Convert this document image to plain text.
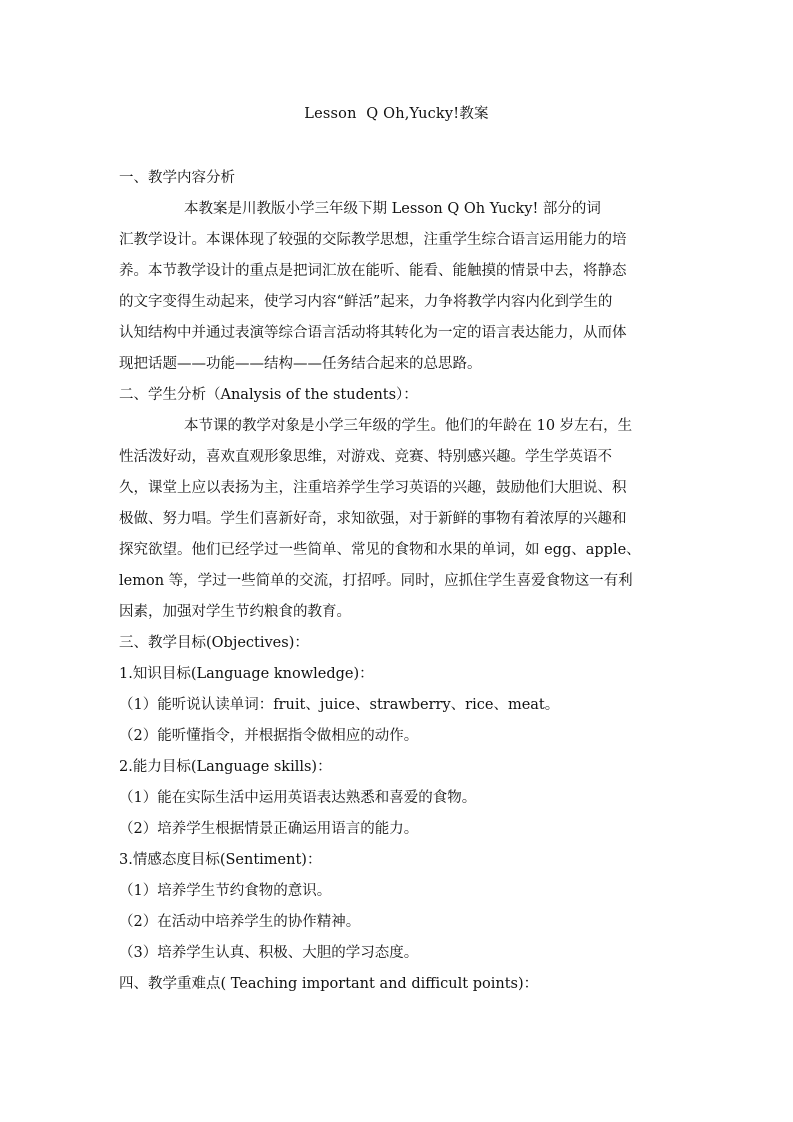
Lesson  Q Oh,Yucky!教案
一、教学内容分析
本教案是川教版小学三年级下期 Lesson Q Oh Yucky! 部分的词
汇教学设计。本课体现了较强的交际教学思想，注重学生综合语言运用能力的培
养。本节教学设计的重点是把词汇放在能听、能看、能触摸的情景中去，将静态
的文字变得生动起来，使学习内容“鲜活”起来，力争将教学内容内化到学生的
认知结构中并通过表演等综合语言活动将其转化为一定的语言表达能力，从而体
现把话题——功能——结构——任务结合起来的总思路。
二、学生分析（Analysis of the students）：
本节课的教学对象是小学三年级的学生。他们的年龄在 10 岁左右，生
性活泼好动，喜欢直观形象思维，对游戏、竞赛、特别感兴趣。学生学英语不
久，课堂上应以表扬为主，注重培养学生学习英语的兴趣，鼓励他们大胆说、积
极做、努力唱。学生们喜新好奇，求知欲强，对于新鲜的事物有着浓厚的兴趣和
探究欲望。他们已经学过一些简单、常见的食物和水果的单词，如 egg、apple、
lemon 等，学过一些简单的交流，打招呼。同时，应抓住学生喜爱食物这一有利
因素，加强对学生节约粮食的教育。
三、教学目标(Objectives)：
1.知识目标(Language knowledge)：
（1）能听说认读单词：fruit、juice、strawberry、rice、meat。
（2）能听懂指令，并根据指令做相应的动作。
2.能力目标(Language skills)：
（1）能在实际生活中运用英语表达熟悉和喜爱的食物。
（2）培养学生根据情景正确运用语言的能力。
3.情感态度目标(Sentiment)：
（1）培养学生节约食物的意识。
（2）在活动中培养学生的协作精神。
（3）培养学生认真、积极、大胆的学习态度。
四、教学重难点( Teaching important and difficult points)：
